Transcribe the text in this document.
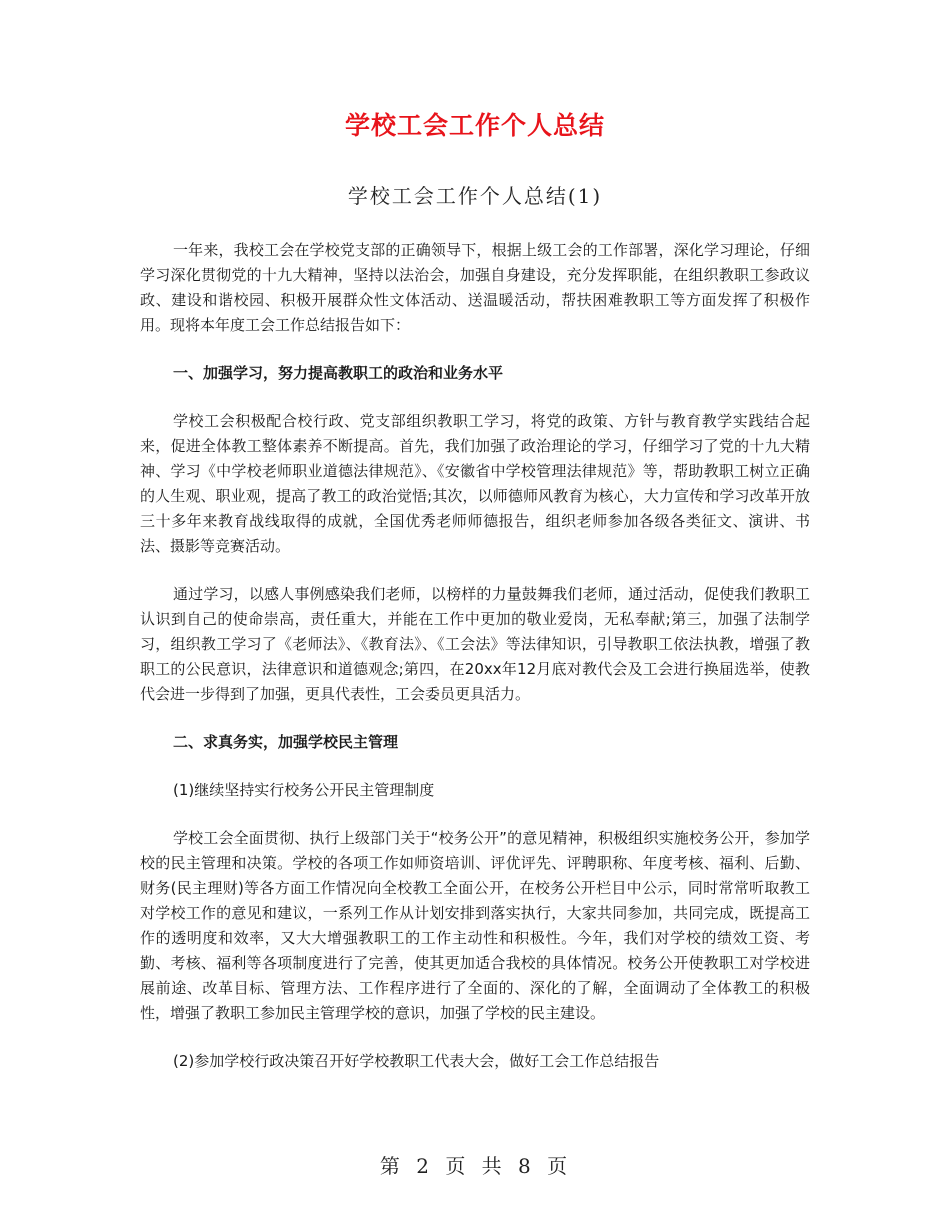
学校工会工作个人总结
学校工会工作个人总结(1)

一年来，我校工会在学校党支部的正确领导下，根据上级工会的工作部署，深化学习理论，仔细学习深化贯彻党的十九大精神，坚持以法治会，加强自身建设，充分发挥职能，在组织教职工参政议政、建设和谐校园、积极开展群众性文体活动、送温暖活动，帮扶困难教职工等方面发挥了积极作用。现将本年度工会工作总结报告如下：

一、加强学习，努力提高教职工的政治和业务水平

学校工会积极配合校行政、党支部组织教职工学习，将党的政策、方针与教育教学实践结合起来，促进全体教工整体素养不断提高。首先，我们加强了政治理论的学习，仔细学习了党的十九大精神、学习《中学校老师职业道德法律规范》、《安徽省中学校管理法律规范》等，帮助教职工树立正确的人生观、职业观，提高了教工的政治觉悟;其次，以师德师风教育为核心，大力宣传和学习改革开放三十多年来教育战线取得的成就，全国优秀老师师德报告，组织老师参加各级各类征文、演讲、书法、摄影等竞赛活动。

通过学习，以感人事例感染我们老师，以榜样的力量鼓舞我们老师，通过活动，促使我们教职工认识到自己的使命崇高，责任重大，并能在工作中更加的敬业爱岗，无私奉献;第三，加强了法制学习，组织教工学习了《老师法》、《教育法》、《工会法》等法律知识，引导教职工依法执教，增强了教职工的公民意识，法律意识和道德观念;第四，在20xx年12月底对教代会及工会进行换届选举，使教代会进一步得到了加强，更具代表性，工会委员更具活力。

二、求真务实，加强学校民主管理

(1)继续坚持实行校务公开民主管理制度

学校工会全面贯彻、执行上级部门关于“校务公开”的意见精神，积极组织实施校务公开，参加学校的民主管理和决策。学校的各项工作如师资培训、评优评先、评聘职称、年度考核、福利、后勤、财务(民主理财)等各方面工作情况向全校教工全面公开，在校务公开栏目中公示，同时常常听取教工对学校工作的意见和建议，一系列工作从计划安排到落实执行，大家共同参加，共同完成，既提高工作的透明度和效率，又大大增强教职工的工作主动性和积极性。今年，我们对学校的绩效工资、考勤、考核、福利等各项制度进行了完善，使其更加适合我校的具体情况。校务公开使教职工对学校进展前途、改革目标、管理方法、工作程序进行了全面的、深化的了解，全面调动了全体教工的积极性，增强了教职工参加民主管理学校的意识，加强了学校的民主建设。

(2)参加学校行政决策召开好学校教职工代表大会，做好工会工作总结报告

第 2 页 共 8 页
